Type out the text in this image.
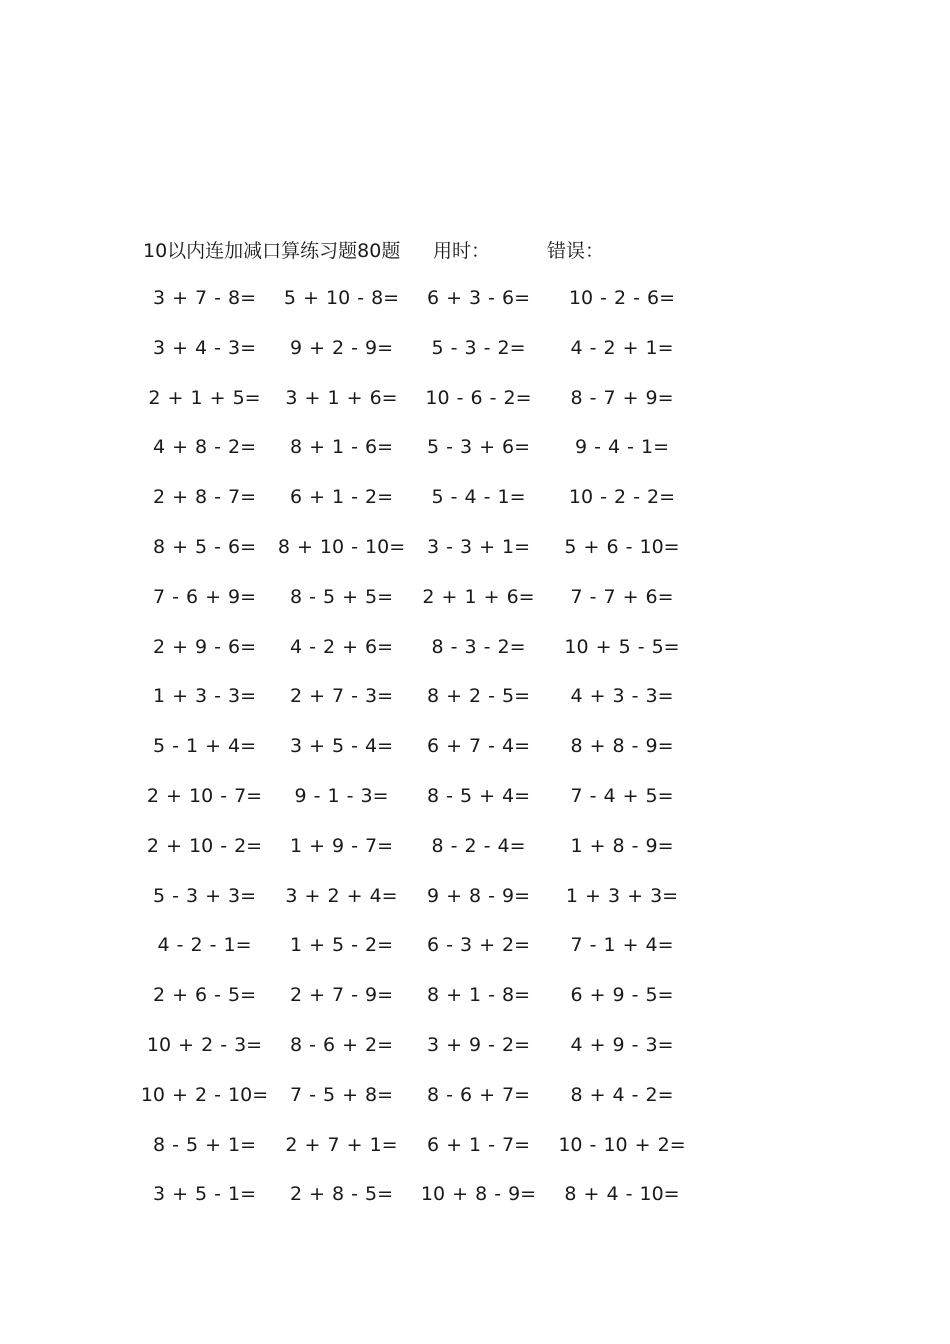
10以内连加减口算练习题80题 用时：	错误：
3 + 7 - 8=	5 + 10 - 8=	6 + 3 - 6=	10 - 2 - 6=
3 + 4 - 3=	9 + 2 - 9=	5 - 3 - 2=	4 - 2 + 1=
2 + 1 + 5=	3 + 1 + 6=	10 - 6 - 2=	8 - 7 + 9=
4 + 8 - 2=	8 + 1 - 6=	5 - 3 + 6=	9 - 4 - 1=
2 + 8 - 7=	6 + 1 - 2=	5 - 4 - 1=	10 - 2 - 2=
8 + 5 - 6=	8 + 10 - 10=	3 - 3 + 1=	5 + 6 - 10=
7 - 6 + 9=	8 - 5 + 5=	2 + 1 + 6=	7 - 7 + 6=
2 + 9 - 6=	4 - 2 + 6=	8 - 3 - 2=	10 + 5 - 5=
1 + 3 - 3=	2 + 7 - 3=	8 + 2 - 5=	4 + 3 - 3=
5 - 1 + 4=	3 + 5 - 4=	6 + 7 - 4=	8 + 8 - 9=
2 + 10 - 7=	9 - 1 - 3=	8 - 5 + 4=	7 - 4 + 5=
2 + 10 - 2=	1 + 9 - 7=	8 - 2 - 4=	1 + 8 - 9=
5 - 3 + 3=	3 + 2 + 4=	9 + 8 - 9=	1 + 3 + 3=
4 - 2 - 1=	1 + 5 - 2=	6 - 3 + 2=	7 - 1 + 4=
2 + 6 - 5=	2 + 7 - 9=	8 + 1 - 8=	6 + 9 - 5=
10 + 2 - 3=	8 - 6 + 2=	3 + 9 - 2=	4 + 9 - 3=
10 + 2 - 10=	7 - 5 + 8=	8 - 6 + 7=	8 + 4 - 2=
8 - 5 + 1=	2 + 7 + 1=	6 + 1 - 7=	10 - 10 + 2=
3 + 5 - 1=	2 + 8 - 5=	10 + 8 - 9=	8 + 4 - 10=
